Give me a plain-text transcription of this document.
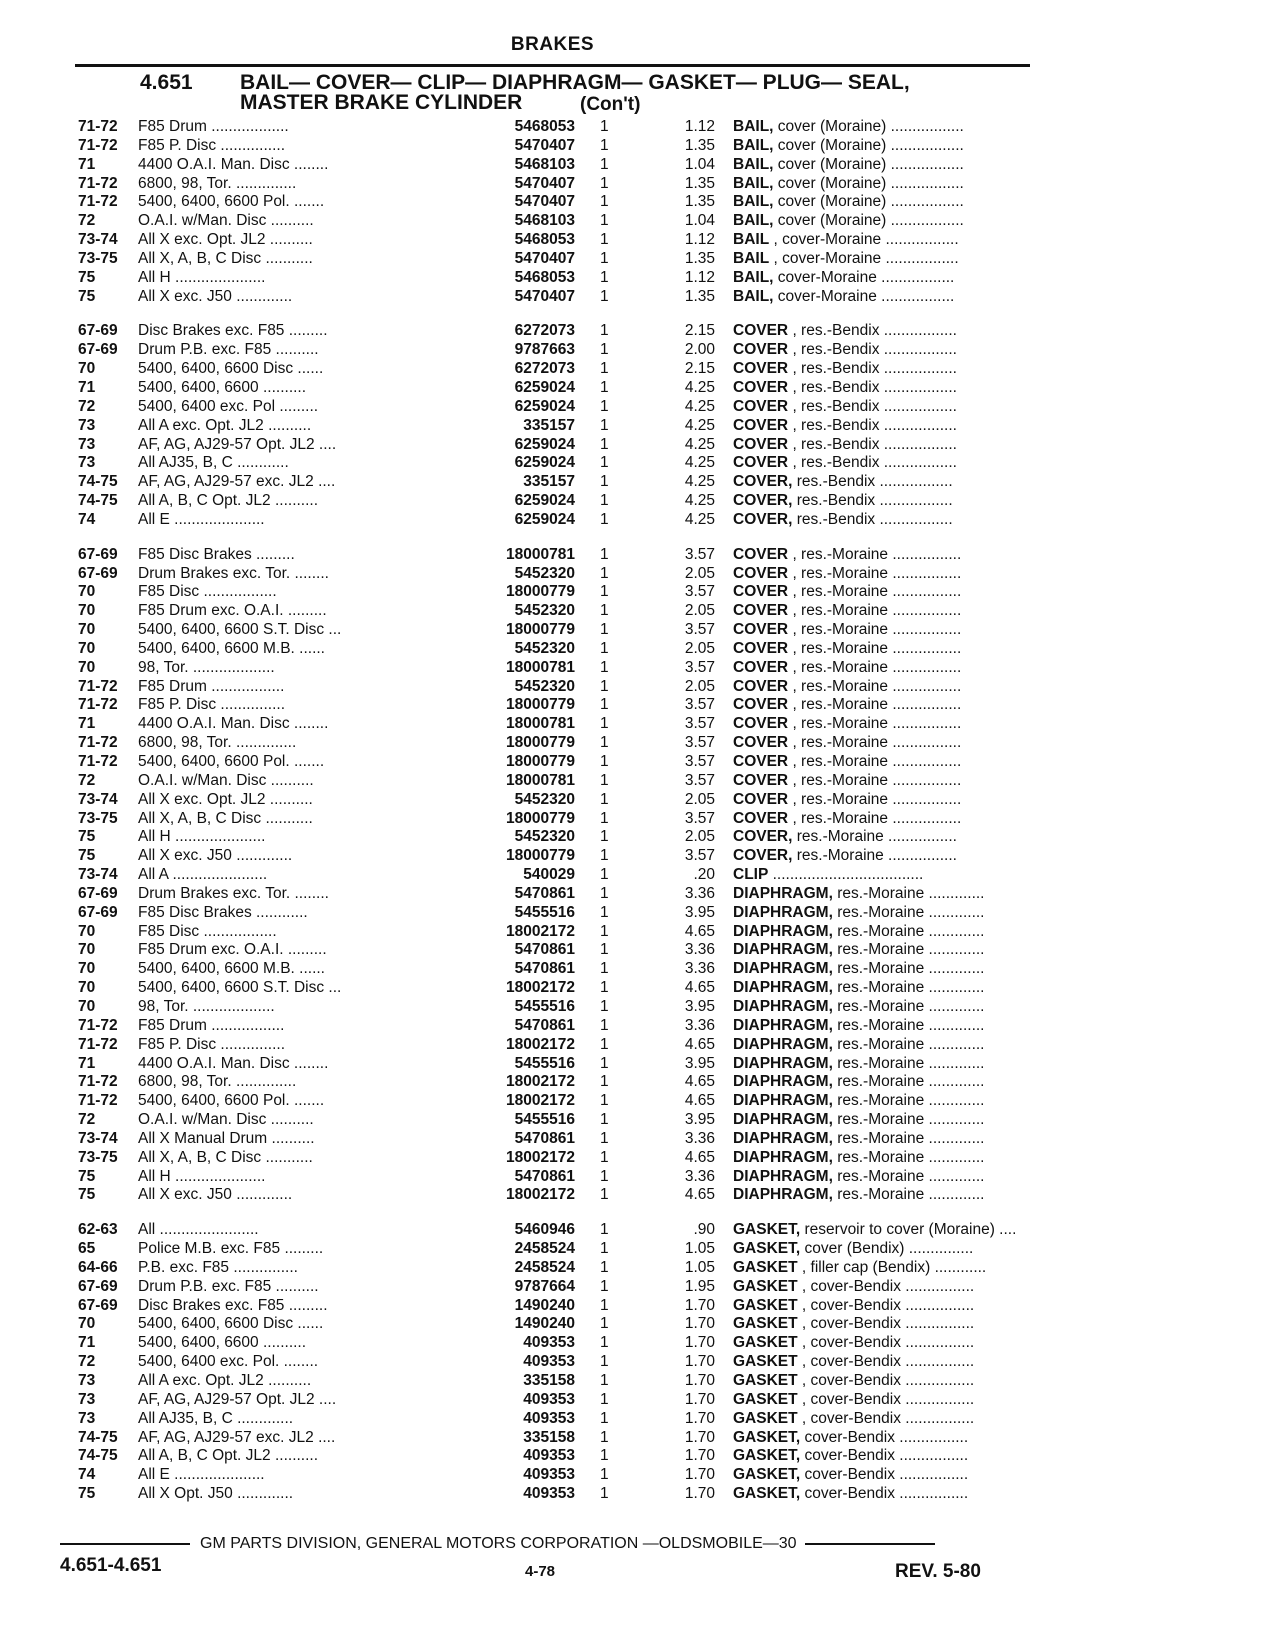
BRAKES
4.651 BAIL— COVER— CLIP— DIAPHRAGM— GASKET— PLUG— SEAL,
MASTER BRAKE CYLINDER	(Con't)
71-72 F85 Drum ..................	5468053 1	1.12 BAIL, cover (Moraine) .................
71-72 F85 P. Disc ...............	5470407 1	1.35 BAIL, cover (Moraine) .................
71	4400 O.A.I. Man. Disc ........	5468103 1	1.04 BAIL, cover (Moraine) .................
71-72 6800, 98, Tor. ..............	5470407 1	1.35 BAIL, cover (Moraine) .................
71-72 5400, 6400, 6600 Pol. .......	5470407 1	1.35 BAIL, cover (Moraine) .................
72	O.A.I. w/Man. Disc ..........	5468103 1	1.04 BAIL, cover (Moraine) .................
73-74 All X exc. Opt. JL2 ..........	5468053 1	1.12 BAIL , cover-Moraine .................
73-75 All X, A, B, C Disc ...........	5470407 1	1.35 BAIL , cover-Moraine .................
75	All H .....................	5468053 1	1.12 BAIL, cover-Moraine .................
75	All X exc. J50 .............	5470407 1	1.35 BAIL, cover-Moraine .................
67-69 Disc Brakes exc. F85 .........	6272073 1	2.15 COVER , res.-Bendix .................
67-69 Drum P.B. exc. F85 ..........	9787663 1	2.00 COVER , res.-Bendix .................
70	5400, 6400, 6600 Disc ......	6272073 1	2.15 COVER , res.-Bendix .................
71	5400, 6400, 6600 ..........	6259024 1	4.25 COVER , res.-Bendix .................
72	5400, 6400 exc. Pol .........	6259024 1	4.25 COVER , res.-Bendix .................
73	All A exc. Opt. JL2 ..........	335157 1	4.25 COVER , res.-Bendix .................
73	AF, AG, AJ29-57 Opt. JL2 ....	6259024 1	4.25 COVER , res.-Bendix .................
73	All AJ35, B, C ............	6259024 1	4.25 COVER , res.-Bendix .................
74-75 AF, AG, AJ29-57 exc. JL2 ....	335157 1	4.25 COVER, res.-Bendix .................
74-75 All A, B, C Opt. JL2 ..........	6259024 1	4.25 COVER, res.-Bendix .................
74	All E .....................	6259024 1	4.25 COVER, res.-Bendix .................
67-69 F85 Disc Brakes .........	18000781 1	3.57 COVER , res.-Moraine ................
67-69 Drum Brakes exc. Tor. ........	5452320 1	2.05 COVER , res.-Moraine ................
70	F85 Disc .................	18000779 1	3.57 COVER , res.-Moraine ................
70	F85 Drum exc. O.A.I. .........	5452320 1	2.05 COVER , res.-Moraine ................
70	5400, 6400, 6600 S.T. Disc ...	18000779 1	3.57 COVER , res.-Moraine ................
70	5400, 6400, 6600 M.B. ......	5452320 1	2.05 COVER , res.-Moraine ................
70	98, Tor. ...................	18000781 1	3.57 COVER , res.-Moraine ................
71-72 F85 Drum .................	5452320 1	2.05 COVER , res.-Moraine ................
71-72 F85 P. Disc ...............	18000779 1	3.57 COVER , res.-Moraine ................
71	4400 O.A.I. Man. Disc ........	18000781 1	3.57 COVER , res.-Moraine ................
71-72 6800, 98, Tor. ..............	18000779 1	3.57 COVER , res.-Moraine ................
71-72 5400, 6400, 6600 Pol. .......	18000779 1	3.57 COVER , res.-Moraine ................
72	O.A.I. w/Man. Disc ..........	18000781 1	3.57 COVER , res.-Moraine ................
73-74 All X exc. Opt. JL2 ..........	5452320 1	2.05 COVER , res.-Moraine ................
73-75 All X, A, B, C Disc ...........	18000779 1	3.57 COVER , res.-Moraine ................
75	All H .....................	5452320 1	2.05 COVER, res.-Moraine ................
75	All X exc. J50 .............	18000779 1	3.57 COVER, res.-Moraine ................
73-74 All A ......................	540029 1	.20 CLIP ...................................
67-69 Drum Brakes exc. Tor. ........	5470861 1	3.36 DIAPHRAGM, res.-Moraine .............
67-69 F85 Disc Brakes ............	5455516 1	3.95 DIAPHRAGM, res.-Moraine .............
70	F85 Disc .................	18002172 1	4.65 DIAPHRAGM, res.-Moraine .............
70	F85 Drum exc. O.A.I. .........	5470861 1	3.36 DIAPHRAGM, res.-Moraine .............
70	5400, 6400, 6600 M.B. ......	5470861 1	3.36 DIAPHRAGM, res.-Moraine .............
70	5400, 6400, 6600 S.T. Disc ...	18002172 1	4.65 DIAPHRAGM, res.-Moraine .............
70	98, Tor. ...................	5455516 1	3.95 DIAPHRAGM, res.-Moraine .............
71-72 F85 Drum .................	5470861 1	3.36 DIAPHRAGM, res.-Moraine .............
71-72 F85 P. Disc ...............	18002172 1	4.65 DIAPHRAGM, res.-Moraine .............
71	4400 O.A.I. Man. Disc ........	5455516 1	3.95 DIAPHRAGM, res.-Moraine .............
71-72 6800, 98, Tor. ..............	18002172 1	4.65 DIAPHRAGM, res.-Moraine .............
71-72 5400, 6400, 6600 Pol. .......	18002172 1	4.65 DIAPHRAGM, res.-Moraine .............
72	O.A.I. w/Man. Disc ..........	5455516 1	3.95 DIAPHRAGM, res.-Moraine .............
73-74 All X Manual Drum ..........	5470861 1	3.36 DIAPHRAGM, res.-Moraine .............
73-75 All X, A, B, C Disc ...........	18002172 1	4.65 DIAPHRAGM, res.-Moraine .............
75	All H .....................	5470861 1	3.36 DIAPHRAGM, res.-Moraine .............
75	All X exc. J50 .............	18002172 1	4.65 DIAPHRAGM, res.-Moraine .............
62-63 All .......................	5460946 1	.90 GASKET, reservoir to cover (Moraine) ....
65	Police M.B. exc. F85 .........	2458524 1	1.05 GASKET, cover (Bendix) ...............
64-66 P.B. exc. F85 ...............	2458524 1	1.05 GASKET , filler cap (Bendix) ............
67-69 Drum P.B. exc. F85 ..........	9787664 1	1.95 GASKET , cover-Bendix ................
67-69 Disc Brakes exc. F85 .........	1490240 1	1.70 GASKET , cover-Bendix ................
70	5400, 6400, 6600 Disc ......	1490240 1	1.70 GASKET , cover-Bendix ................
71	5400, 6400, 6600 ..........	409353 1	1.70 GASKET , cover-Bendix ................
72	5400, 6400 exc. Pol. ........	409353 1	1.70 GASKET , cover-Bendix ................
73	All A exc. Opt. JL2 ..........	335158 1	1.70 GASKET , cover-Bendix ................
73	AF, AG, AJ29-57 Opt. JL2 ....	409353 1	1.70 GASKET , cover-Bendix ................
73	All AJ35, B, C .............	409353 1	1.70 GASKET , cover-Bendix ................
74-75 AF, AG, AJ29-57 exc. JL2 ....	335158 1	1.70 GASKET, cover-Bendix ................
74-75 All A, B, C Opt. JL2 ..........	409353 1	1.70 GASKET, cover-Bendix ................
74	All E .....................	409353 1	1.70 GASKET, cover-Bendix ................
75	All X Opt. J50 .............	409353 1	1.70 GASKET, cover-Bendix ................
GM PARTS DIVISION, GENERAL MOTORS CORPORATION —OLDSMOBILE—30
4.651-4.651	4-78	REV. 5-80
